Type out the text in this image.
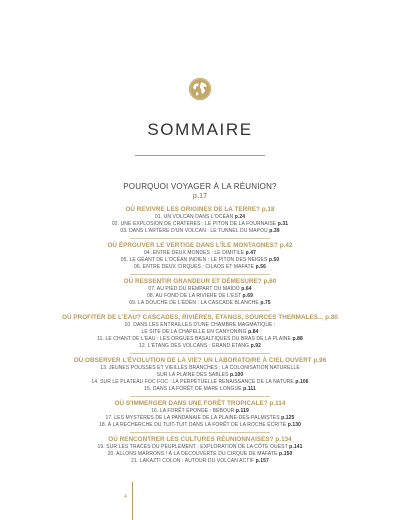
SOMMAIRE
POURQUOI VOYAGER À LA RÉUNION?
p.17
OÙ REVIVRE LES ORIGINES DE LA TERRE? p.18
01. UN VOLCAN DANS L'OCÉAN p.24
02. UNE EXPLOSION DE CRATÈRES : LE PITON DE LA FOURNAISE p.31
03. DANS L'ARTÈRE D'UN VOLCAN : LE TUNNEL DU MAPOU p.39
OÙ ÉPROUVER LE VERTIGE DANS L'ÎLE MONTAGNES? p.42
04. ENTRE DEUX MONDES : LE DIMITILE p.47
05. LE GÉANT DE L'OCÉAN INDIEN : LE PITON DES NEIGES p.50
06. ENTRE DEUX CIRQUES : CILAOS ET MAFATE p.56
OÙ RESSENTIR GRANDEUR ET DÉMESURE? p.60
07. AU PIED DU REMPART DU MAÏDO p.64
08. AU FOND DE LA RIVIÈRE DE L'EST p.69
09. LA DOUCHE DE L'ÉDEN : LA CASCADE BLANCHE p.75
OÙ PROFITER DE L'EAU? CASCADES, RIVIÈRES, ÉTANGS, SOURCES THERMALES... p.80
10. DANS LES ENTRAILLES D'UNE CHAMBRE MAGMATIQUE :
LE SITE DE LA CHAPELLE EN CANYONING p.84
11. LE CHANT DE L'EAU : LES ORGUES BASALTIQUES DU BRAS DE LA PLAINE p.88
12. L'ÉTANG DES VOLCANS : GRAND ÉTANG p.92
OÙ OBSERVER L'ÉVOLUTION DE LA VIE? UN LABORATOIRE À CIEL OUVERT p.96
13. JEUNES POUSSES ET VIEILLES BRANCHES : LA COLONISATION NATURELLE
SUR LA PLAINE DES SABLES p.100
14. SUR LE PLATEAU FOC FOC : LA PERPÉTUELLE RENAISSANCE DE LA NATURE p.106
15. DANS LA FORÊT DE MARE LONGUE p.111
OÙ S'IMMERGER DANS UNE FORÊT TROPICALE? p.114
16. LA FORÊT ÉPONGE : BÉBOUR p.119
17. LES MYSTÈRES DE LA PANDANAIE DE LA PLAINE-DES-PALMISTES p.125
18. À LA RECHERCHE DU TUIT-TUIT DANS LA FORÊT DE LA ROCHE ÉCRITE p.130
OÙ RENCONTRER LES CULTURES RÉUNIONNAISES? p.134
19. SUR LES TRACES DU PEUPLEMENT : EXPLORATION DE LA CÔTE OUEST p.141
20. ALLONS MARRONS ! À LA DÉCOUVERTE DU CIRQUE DE MAFATE p.150
21. LAKAZTI COLON : AUTOUR DU VOLCAN ACTIF p.157
4
